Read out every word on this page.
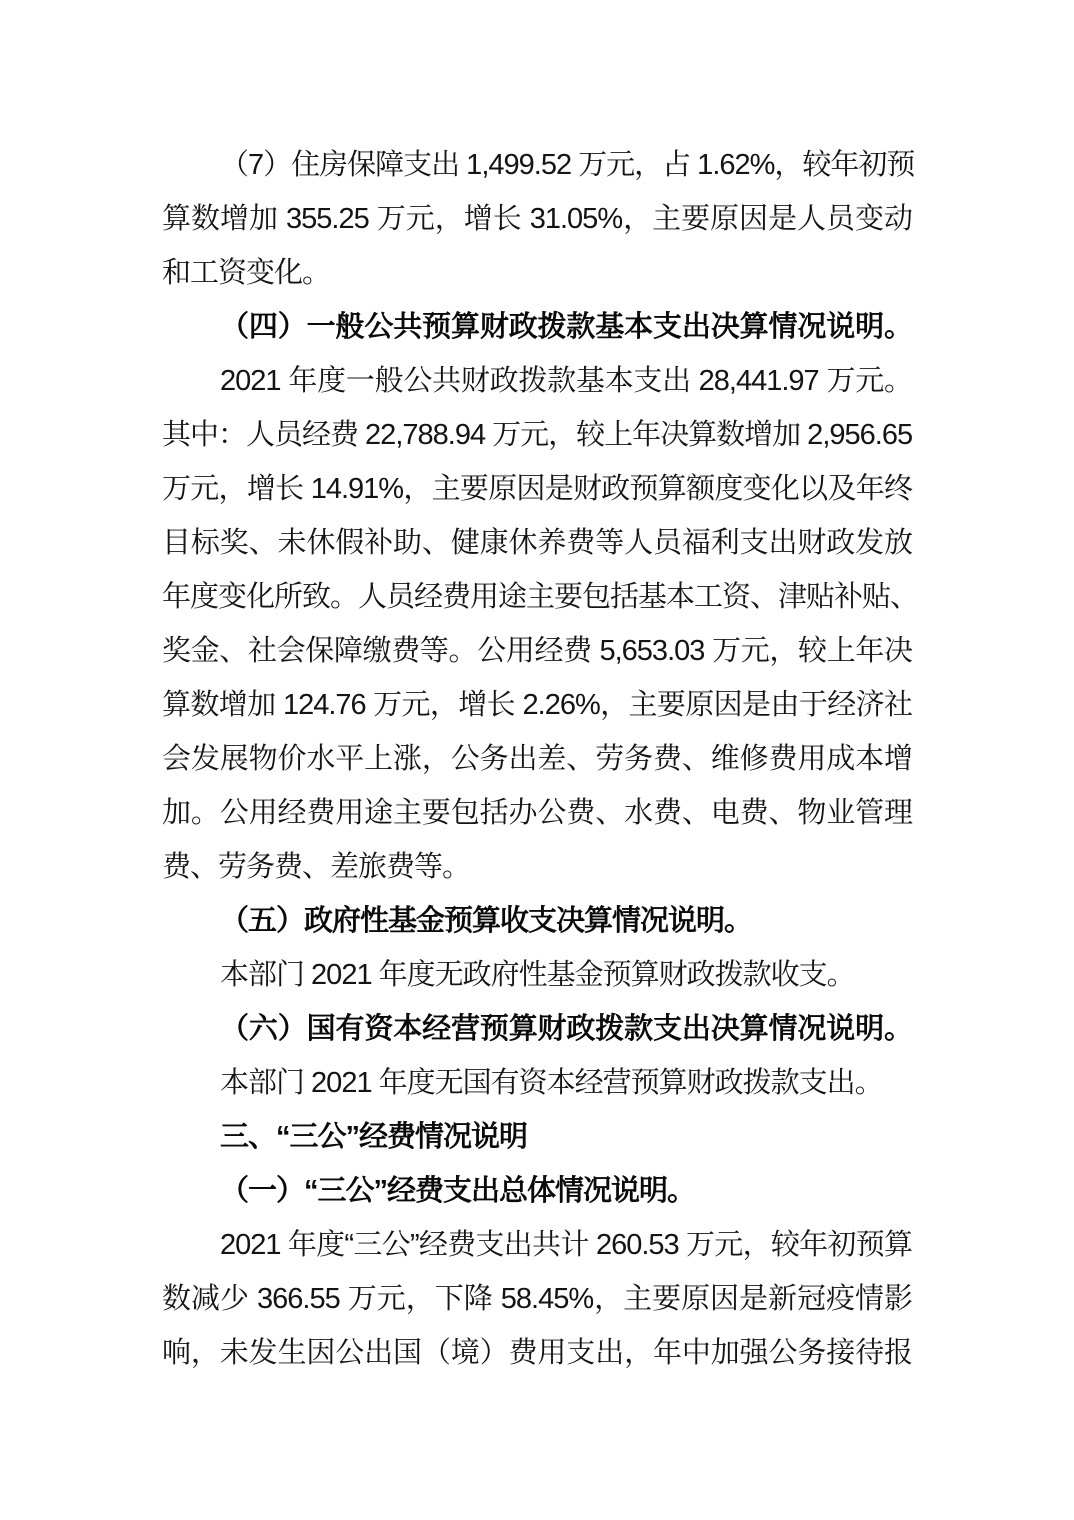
（7）住房保障支出 1,499.52 万元，占 1.62%，较年初预
算数增加 355.25 万元，增长 31.05%，主要原因是人员变动
和工资变化。
（四）一般公共预算财政拨款基本支出决算情况说明。
2021 年度一般公共财政拨款基本支出 28,441.97 万元。
其中：人员经费 22,788.94 万元，较上年决算数增加 2,956.65
万元，增长 14.91%，主要原因是财政预算额度变化以及年终
目标奖、未休假补助、健康休养费等人员福利支出财政发放
年度变化所致。人员经费用途主要包括基本工资、津贴补贴、
奖金、社会保障缴费等。公用经费 5,653.03 万元，较上年决
算数增加 124.76 万元，增长 2.26%，主要原因是由于经济社
会发展物价水平上涨，公务出差、劳务费、维修费用成本增
加。公用经费用途主要包括办公费、水费、电费、物业管理
费、劳务费、差旅费等。
（五）政府性基金预算收支决算情况说明。
本部门 2021 年度无政府性基金预算财政拨款收支。
（六）国有资本经营预算财政拨款支出决算情况说明。
本部门 2021 年度无国有资本经营预算财政拨款支出。
三、“三公”经费情况说明
（一）“三公”经费支出总体情况说明。
2021 年度“三公”经费支出共计 260.53 万元，较年初预算
数减少 366.55 万元，下降 58.45%，主要原因是新冠疫情影
响，未发生因公出国（境）费用支出，年中加强公务接待报
